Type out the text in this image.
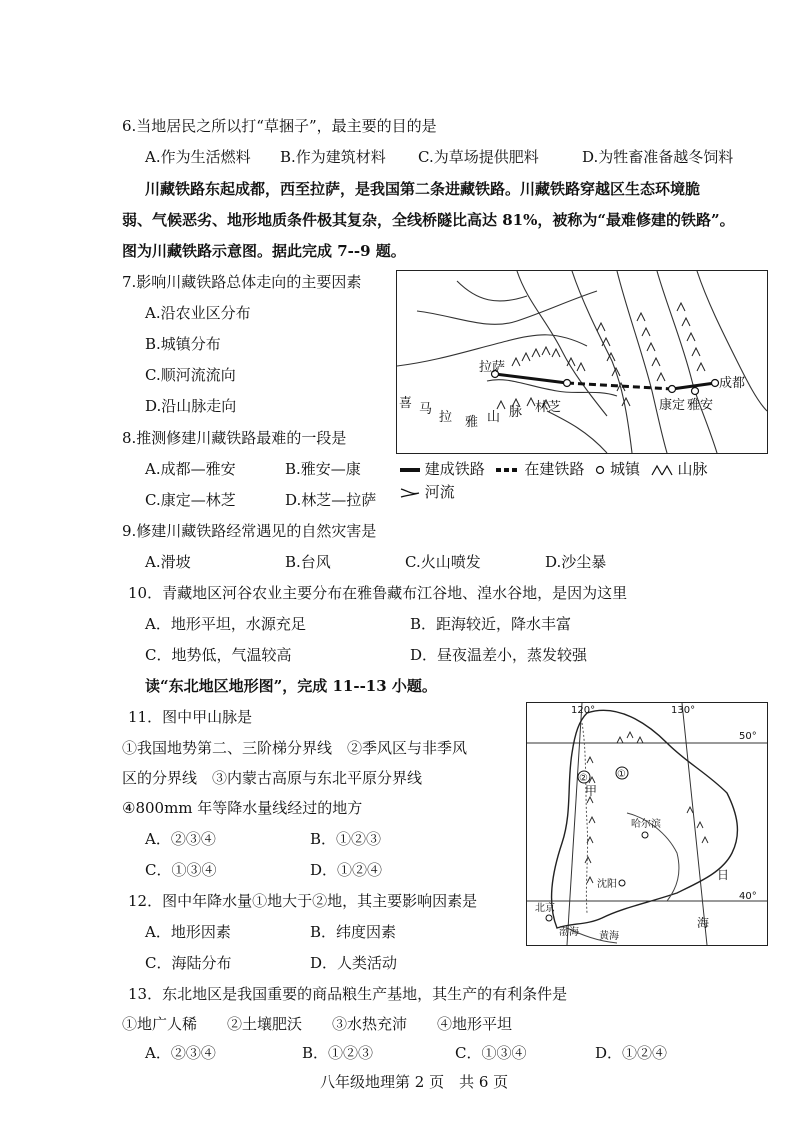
6.当地居民之所以打“草捆子”，最主要的目的是
A.作为生活燃料 B.作为建筑材料 C.为草场提供肥料	D.为牲畜准备越冬饲料
川藏铁路东起成都，西至拉萨，是我国第二条进藏铁路。川藏铁路穿越区生态环境脆
弱、气候恶劣、地形地质条件极其复杂，全线桥隧比高达 81%，被称为“最难修建的铁路”。
图为川藏铁路示意图。据此完成 7--9 题。
7.影响川藏铁路总体走向的主要因素
A.沿农业区分布
B.城镇分布
C.顺河流流向
D.沿山脉走向
拉萨
成都
林芝	康定 雅安
喜 马
拉 雅 山 脉
8.推测修建川藏铁路最难的一段是
A.成都—雅安	B.雅安—康
C.康定—林芝	D.林芝—拉萨
建成铁路	在建铁路 城镇	山脉
河流
9.修建川藏铁路经常遇见的自然灾害是
A.滑坡	B.台风	C.火山喷发	D.沙尘暴
10．青藏地区河谷农业主要分布在雅鲁藏布江谷地、湟水谷地，是因为这里
A．地形平坦，水源充足	B．距海较近，降水丰富
C．地势低，气温较高	D．昼夜温差小，蒸发较强
读“东北地区地形图”，完成 11--13 小题。
11．图中甲山脉是
①我国地势第二、三阶梯分界线　②季风区与非季风
区的分界线　③内蒙古高原与东北平原分界线
④800mm 年等降水量线经过的地方
A．②③④	B．①②③
C．①③④	D．①②④
120°	130°
50°
40°
甲
①
②
哈尔滨
沈阳
北京
渤海 黄海
日
海
12．图中年降水量①地大于②地，其主要影响因素是
A．地形因素	B．纬度因素
C．海陆分布	D．人类活动
13．东北地区是我国重要的商品粮生产基地，其生产的有利条件是
①地广人稀　　②土壤肥沃　　③水热充沛　　④地形平坦
A．②③④	B．①②③	C．①③④	D．①②④
八年级地理第 2 页　共 6 页
